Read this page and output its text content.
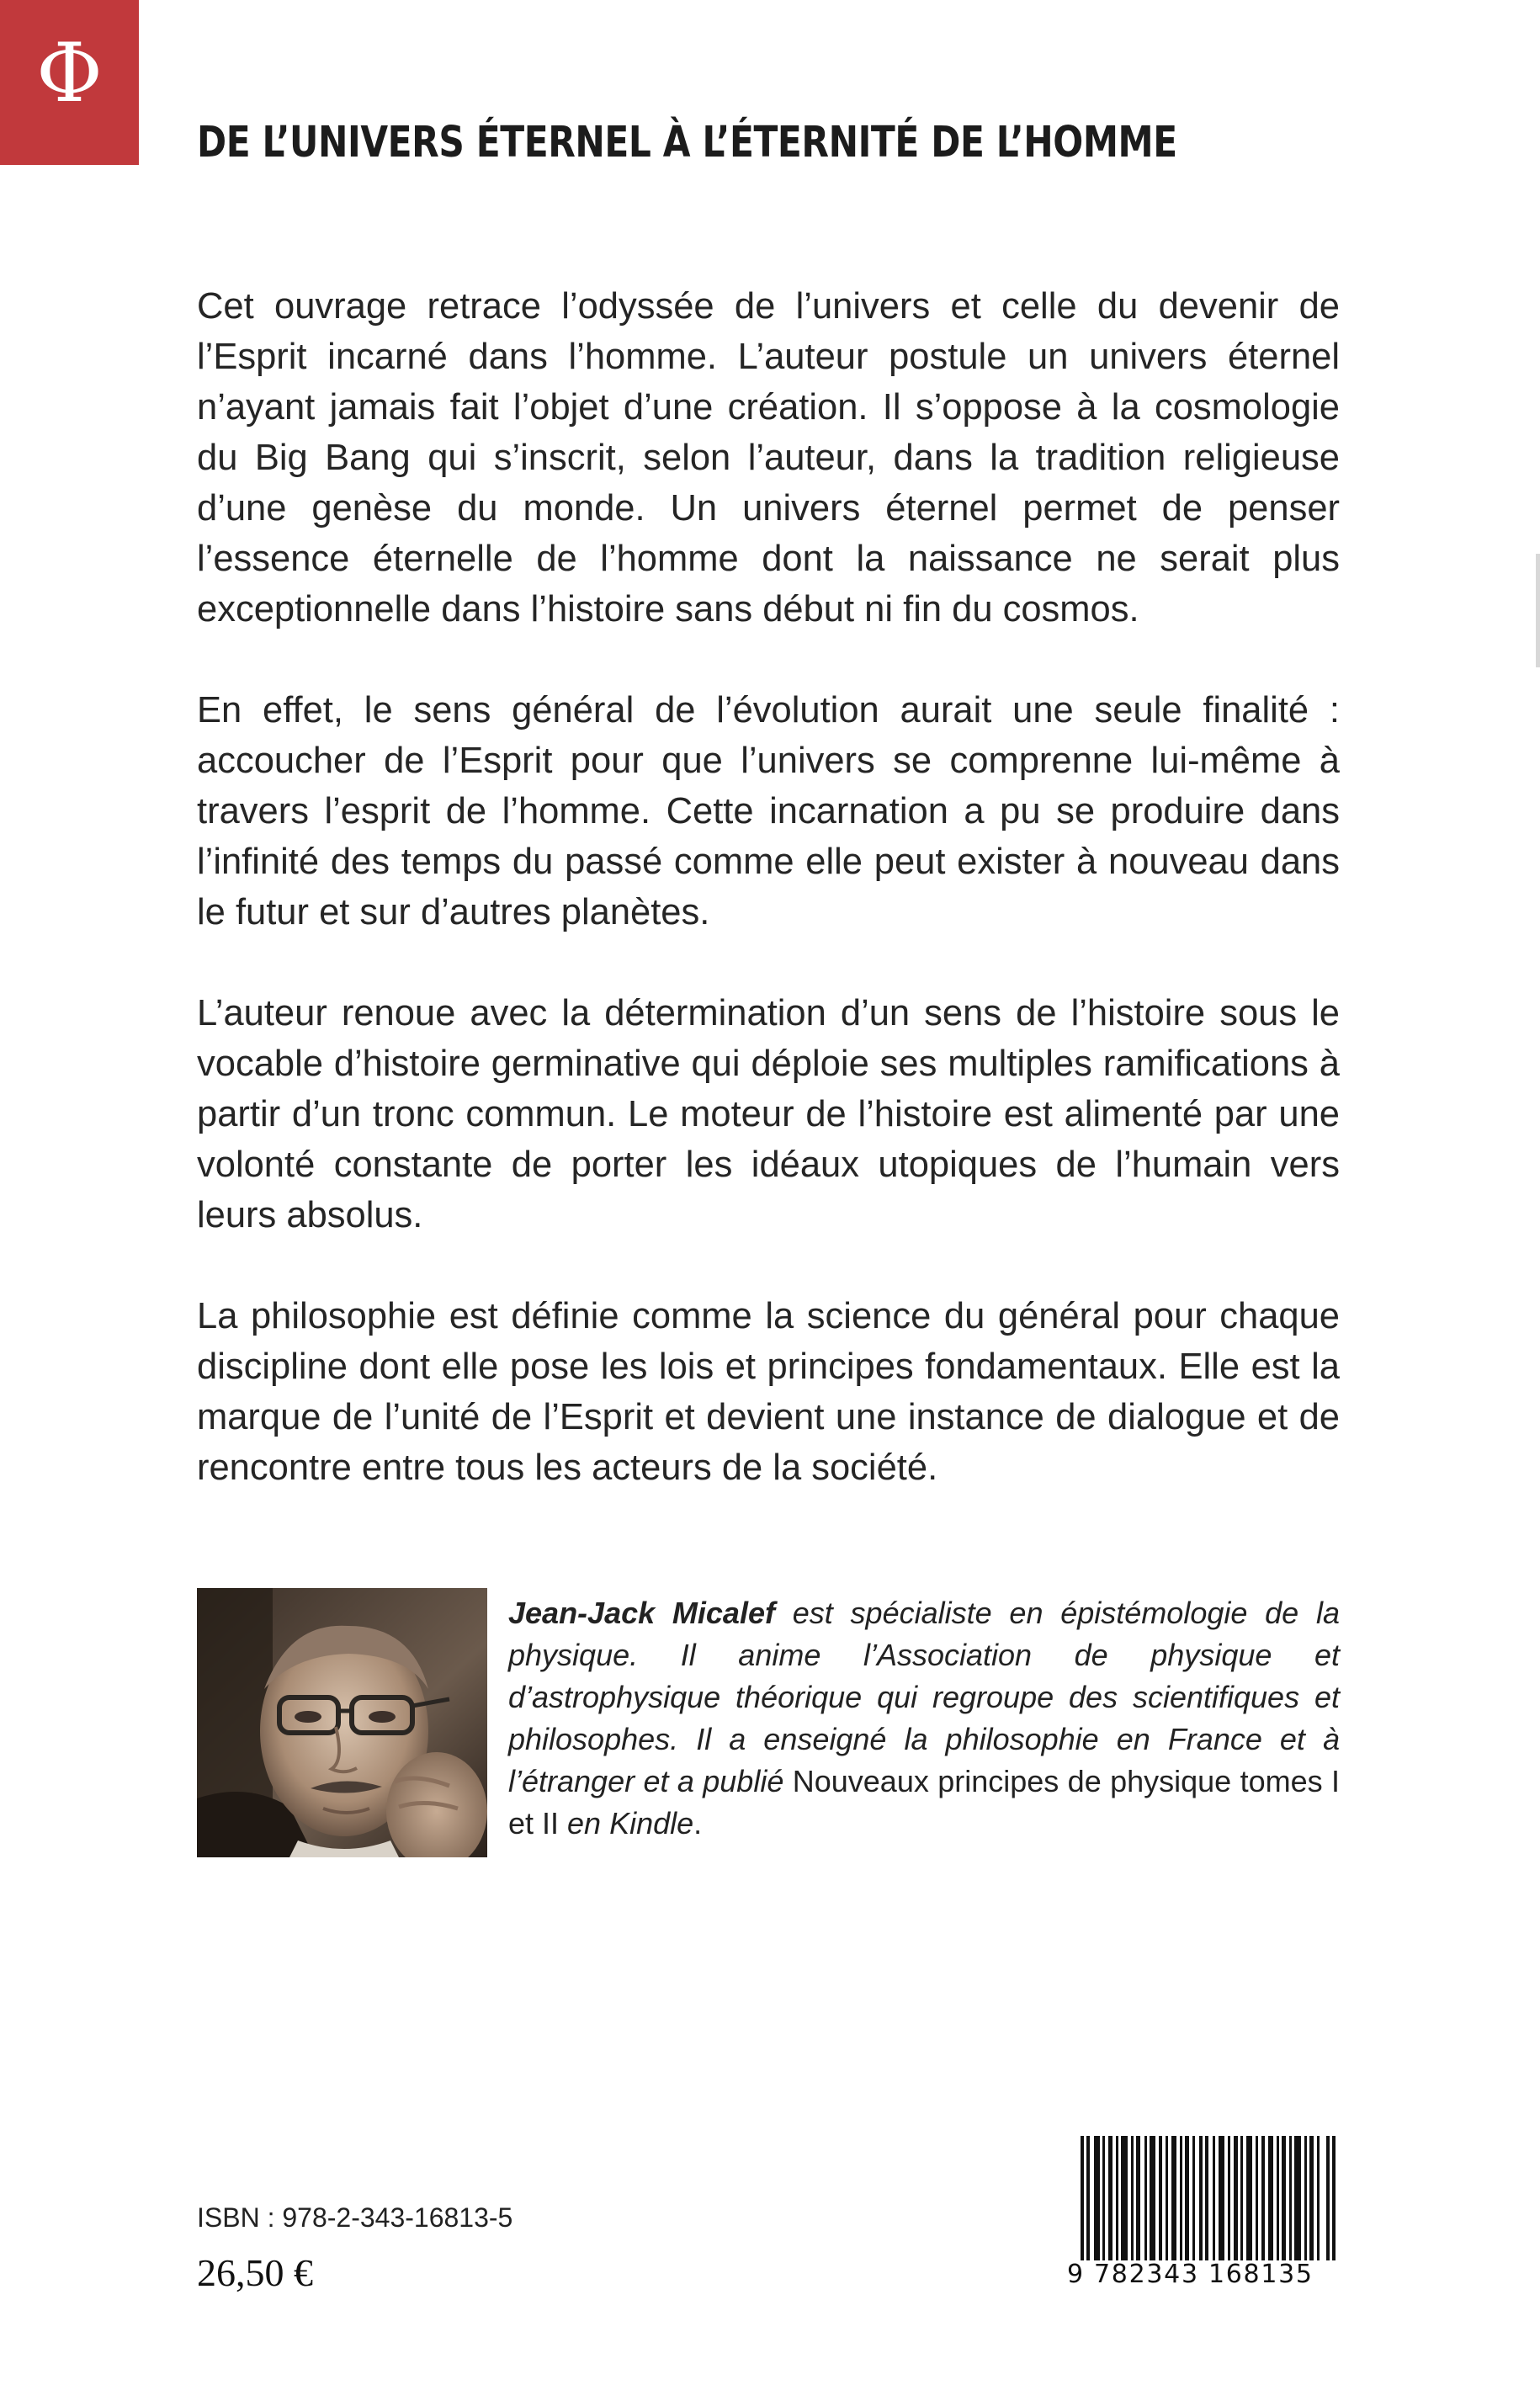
Φ
DE L’UNIVERS ÉTERNEL À L’ÉTERNITÉ DE L’HOMME

Cet ouvrage retrace l’odyssée de l’univers et celle du devenir de l’Esprit incarné dans l’homme. L’auteur postule un univers éternel n’ayant jamais fait l’objet d’une création. Il s’oppose à la cosmologie du Big Bang qui s’inscrit, selon l’auteur, dans la tradition religieuse d’une genèse du monde. Un univers éternel permet de penser l’essence éternelle de l’homme dont la naissance ne serait plus exceptionnelle dans l’histoire sans début ni fin du cosmos.

En effet, le sens général de l’évolution aurait une seule finalité : accoucher de l’Esprit pour que l’univers se comprenne lui-même à travers l’esprit de l’homme. Cette incarnation a pu se produire dans l’infinité des temps du passé comme elle peut exister à nouveau dans le futur et sur d’autres planètes.

L’auteur renoue avec la détermination d’un sens de l’histoire sous le vocable d’histoire germinative qui déploie ses multiples ramifications à partir d’un tronc commun. Le moteur de l’histoire est alimenté par une volonté constante de porter les idéaux utopiques de l’humain vers leurs absolus.

La philosophie est définie comme la science du général pour chaque discipline dont elle pose les lois et principes fondamentaux. Elle est la marque de l’unité de l’Esprit et devient une instance de dialogue et de rencontre entre tous les acteurs de la société.

Jean-Jack Micalef est spécialiste en épistémologie de la physique. Il anime l’Association de physique et d’astrophysique théorique qui regroupe des scientifiques et philosophes. Il a enseigné la philosophie en France et à l’étranger et a publié Nouveaux principes de physique tomes I et II en Kindle.

ISBN : 978-2-343-16813-5
26,50 €	9 782343 168135
